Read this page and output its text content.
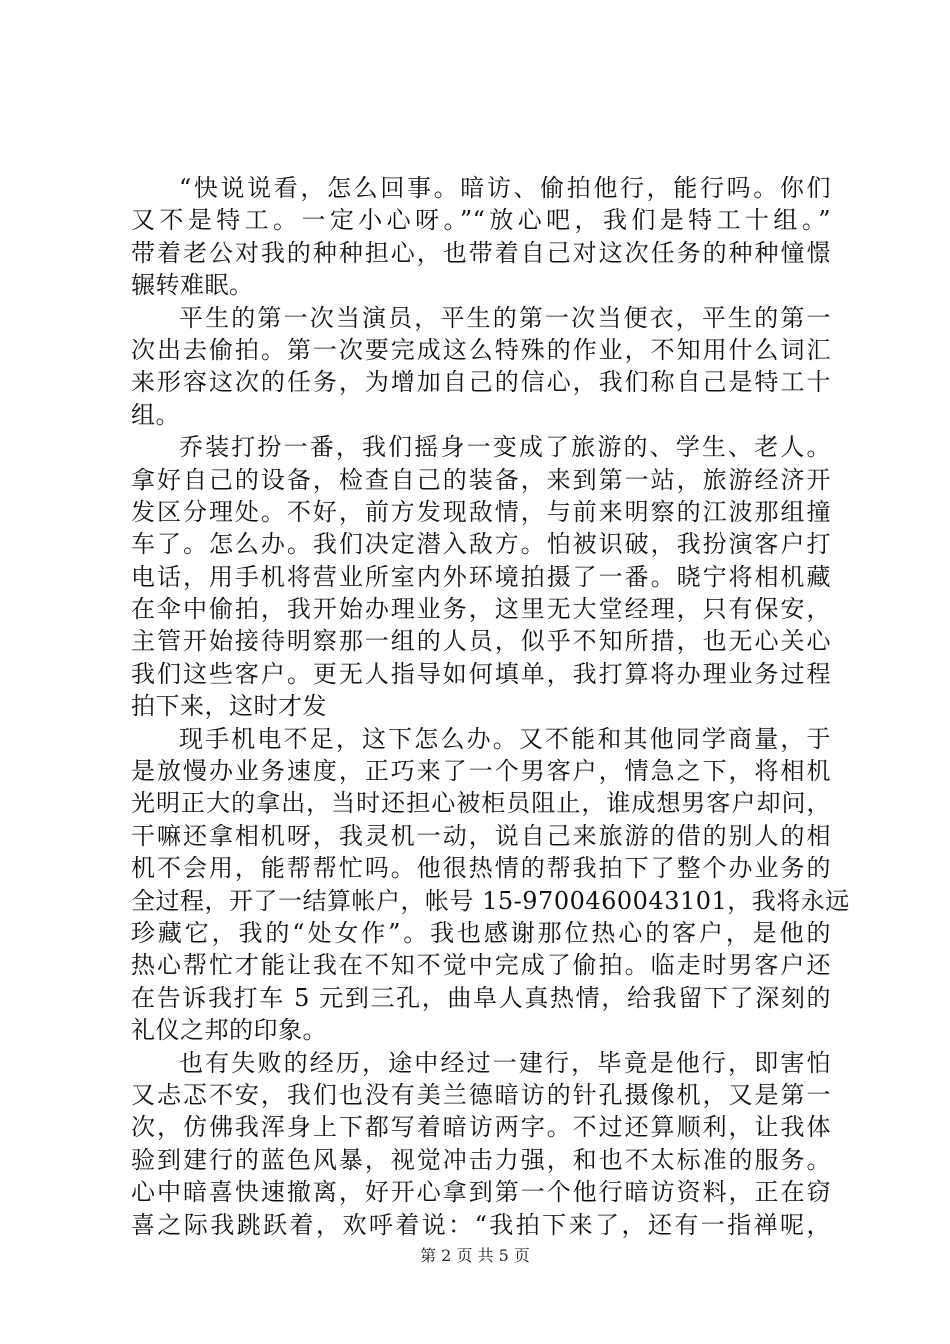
“快说说看，怎么回事。暗访、偷拍他行，能行吗。你们
又不是特工。一定小心呀。”“放心吧，我们是特工十组。”
带着老公对我的种种担心，也带着自己对这次任务的种种憧憬
辗转难眠。
平生的第一次当演员，平生的第一次当便衣，平生的第一
次出去偷拍。第一次要完成这么特殊的作业，不知用什么词汇
来形容这次的任务，为增加自己的信心，我们称自己是特工十
组。
乔装打扮一番，我们摇身一变成了旅游的、学生、老人。
拿好自己的设备，检查自己的装备，来到第一站，旅游经济开
发区分理处。不好，前方发现敌情，与前来明察的江波那组撞
车了。怎么办。我们决定潜入敌方。怕被识破，我扮演客户打
电话，用手机将营业所室内外环境拍摄了一番。晓宁将相机藏
在伞中偷拍，我开始办理业务，这里无大堂经理，只有保安，
主管开始接待明察那一组的人员，似乎不知所措，也无心关心
我们这些客户。更无人指导如何填单，我打算将办理业务过程
拍下来，这时才发
现手机电不足，这下怎么办。又不能和其他同学商量，于
是放慢办业务速度，正巧来了一个男客户，情急之下，将相机
光明正大的拿出，当时还担心被柜员阻止，谁成想男客户却问，
干嘛还拿相机呀，我灵机一动，说自己来旅游的借的别人的相
机不会用，能帮帮忙吗。他很热情的帮我拍下了整个办业务的
全过程，开了一结算帐户，帐号 15-9700460043101，我将永远
珍藏它，我的“处女作”。我也感谢那位热心的客户，是他的
热心帮忙才能让我在不知不觉中完成了偷拍。临走时男客户还
在告诉我打车 5 元到三孔，曲阜人真热情，给我留下了深刻的
礼仪之邦的印象。
也有失败的经历，途中经过一建行，毕竟是他行，即害怕
又忐忑不安，我们也没有美兰德暗访的针孔摄像机，又是第一
次，仿佛我浑身上下都写着暗访两字。不过还算顺利，让我体
验到建行的蓝色风暴，视觉冲击力强，和也不太标准的服务。
心中暗喜快速撤离，好开心拿到第一个他行暗访资料，正在窃
喜之际我跳跃着，欢呼着说：“我拍下来了，还有一指禅呢，
第 2 页 共 5 页
